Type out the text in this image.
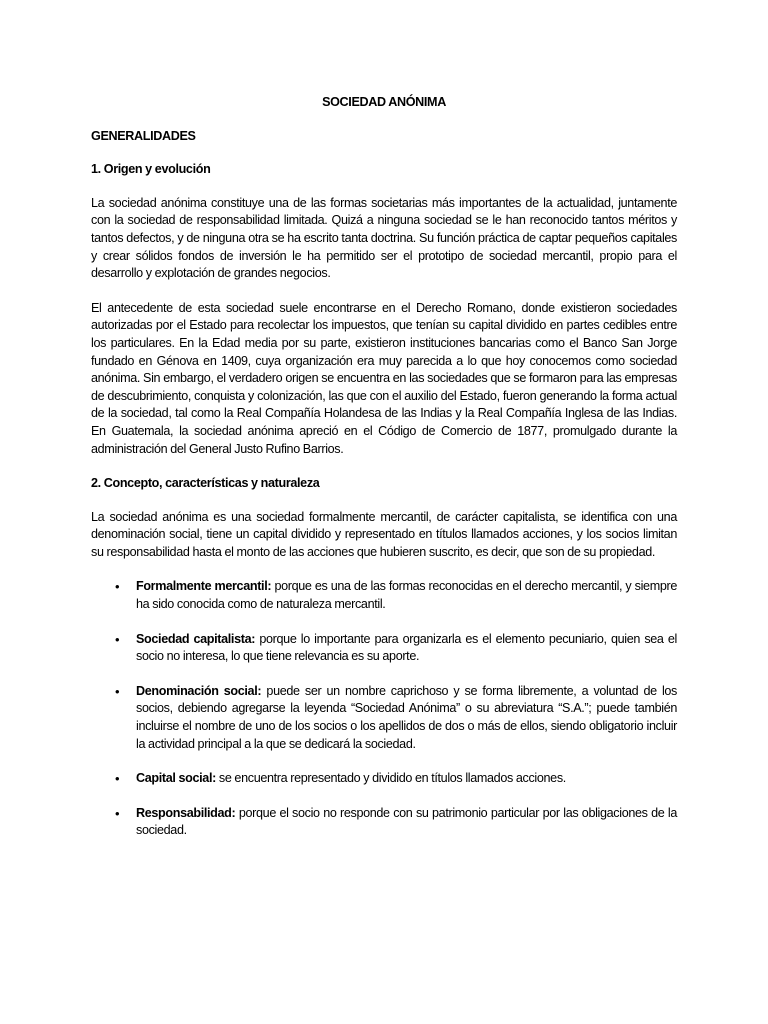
SOCIEDAD ANÓNIMA
GENERALIDADES
1. Origen y evolución

La sociedad anónima constituye una de las formas societarias más importantes de la actualidad, juntamente con la sociedad de responsabilidad limitada. Quizá a ninguna sociedad se le han reconocido tantos méritos y tantos defectos, y de ninguna otra se ha escrito tanta doctrina. Su función práctica de captar pequeños capitales y crear sólidos fondos de inversión le ha permitido ser el prototipo de sociedad mercantil, propio para el desarrollo y explotación de grandes negocios.

El antecedente de esta sociedad suele encontrarse en el Derecho Romano, donde existieron sociedades autorizadas por el Estado para recolectar los impuestos, que tenían su capital dividido en partes cedibles entre los particulares. En la Edad media por su parte, existieron instituciones bancarias como el Banco San Jorge fundado en Génova en 1409, cuya organización era muy parecida a lo que hoy conocemos como sociedad anónima. Sin embargo, el verdadero origen se encuentra en las sociedades que se formaron para las empresas de descubrimiento, conquista y colonización, las que con el auxilio del Estado, fueron generando la forma actual de la sociedad, tal como la Real Compañía Holandesa de las Indias y la Real Compañía Inglesa de las Indias. En Guatemala, la sociedad anónima apreció en el Código de Comercio de 1877, promulgado durante la administración del General Justo Rufino Barrios.

2. Concepto, características y naturaleza

La sociedad anónima es una sociedad formalmente mercantil, de carácter capitalista, se identifica con una denominación social, tiene un capital dividido y representado en títulos llamados acciones, y los socios limitan su responsabilidad hasta el monto de las acciones que hubieren suscrito, es decir, que son de su propiedad.

• Formalmente mercantil: porque es una de las formas reconocidas en el derecho mercantil, y siempre ha sido conocida como de naturaleza mercantil.
• Sociedad capitalista: porque lo importante para organizarla es el elemento pecuniario, quien sea el socio no interesa, lo que tiene relevancia es su aporte.
• Denominación social: puede ser un nombre caprichoso y se forma libremente, a voluntad de los socios, debiendo agregarse la leyenda “Sociedad Anónima” o su abreviatura “S.A.”; puede también incluirse el nombre de uno de los socios o los apellidos de dos o más de ellos, siendo obligatorio incluir la actividad principal a la que se dedicará la sociedad.
• Capital social: se encuentra representado y dividido en títulos llamados acciones.
• Responsabilidad: porque el socio no responde con su patrimonio particular por las obligaciones de la sociedad.
